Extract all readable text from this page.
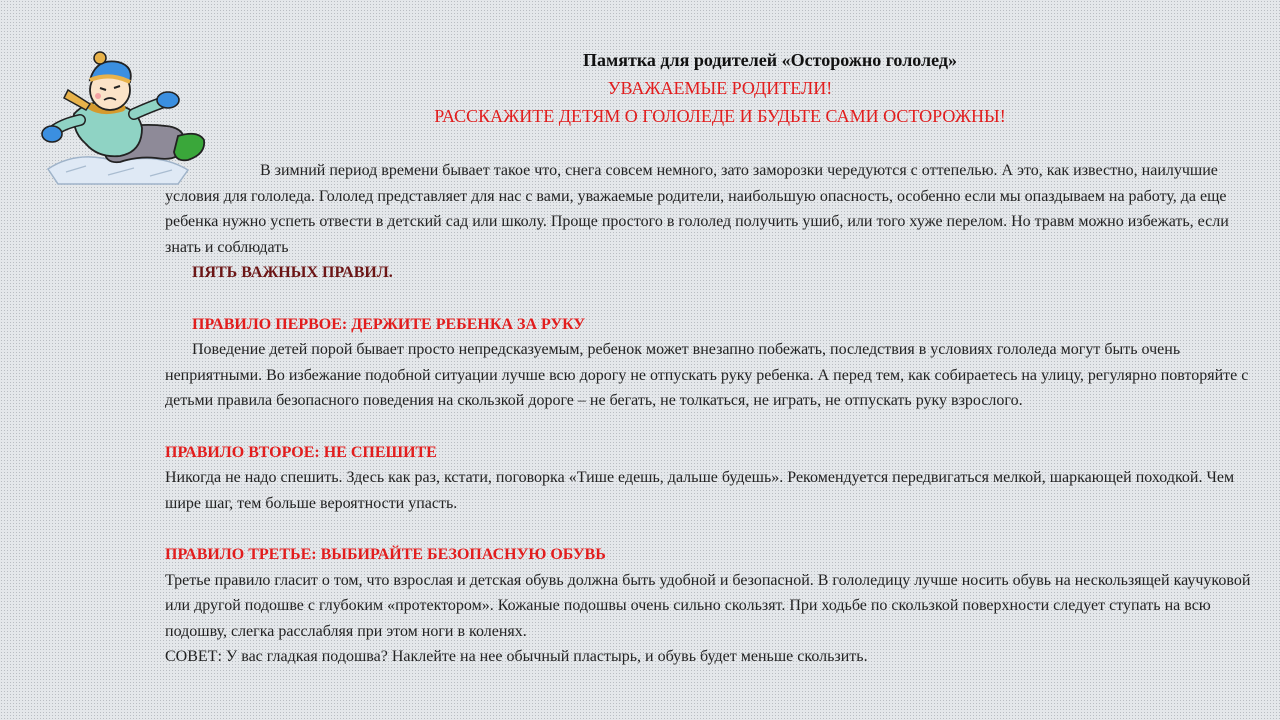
Памятка для родителей «Осторожно гололед»
УВАЖАЕМЫЕ РОДИТЕЛИ!
РАССКАЖИТЕ ДЕТЯМ О ГОЛОЛЕДЕ И БУДЬТЕ САМИ ОСТОРОЖНЫ!

В зимний период времени бывает такое что, снега совсем немного, зато заморозки чередуются с оттепелью. А это, как известно, наилучшие условия для гололеда. Гололед представляет для нас с вами, уважаемые родители, наибольшую опасность, особенно если мы опаздываем на работу, да еще ребенка нужно успеть отвести в детский сад или школу. Проще простого в гололед получить ушиб, или того хуже перелом. Но травм можно избежать, если знать и соблюдать

ПЯТЬ ВАЖНЫХ ПРАВИЛ.

ПРАВИЛО ПЕРВОЕ: ДЕРЖИТЕ РЕБЕНКА ЗА РУКУ

Поведение детей порой бывает просто непредсказуемым, ребенок может внезапно побежать, последствия в условиях гололеда могут быть очень неприятными. Во избежание подобной ситуации лучше всю дорогу не отпускать руку ребенка. А перед тем, как собираетесь на улицу, регулярно повторяйте с детьми правила безопасного поведения на скользкой дороге – не бегать, не толкаться, не играть, не отпускать руку взрослого.

ПРАВИЛО ВТОРОЕ: НЕ СПЕШИТЕ

Никогда не надо спешить. Здесь как раз, кстати, поговорка «Тише едешь, дальше будешь». Рекомендуется передвигаться мелкой, шаркающей походкой. Чем шире шаг, тем больше вероятности упасть.

ПРАВИЛО ТРЕТЬЕ: ВЫБИРАЙТЕ БЕЗОПАСНУЮ ОБУВЬ

Третье правило гласит о том, что взрослая и детская обувь должна быть удобной и безопасной. В гололедицу лучше носить обувь на нескользящей каучуковой или другой подошве с глубоким «протектором». Кожаные подошвы очень сильно скользят. При ходьбе по скользкой поверхности следует ступать на всю подошву, слегка расслабляя при этом ноги в коленях.

СОВЕТ: У вас гладкая подошва? Наклейте на нее обычный пластырь, и обувь будет меньше скользить.
